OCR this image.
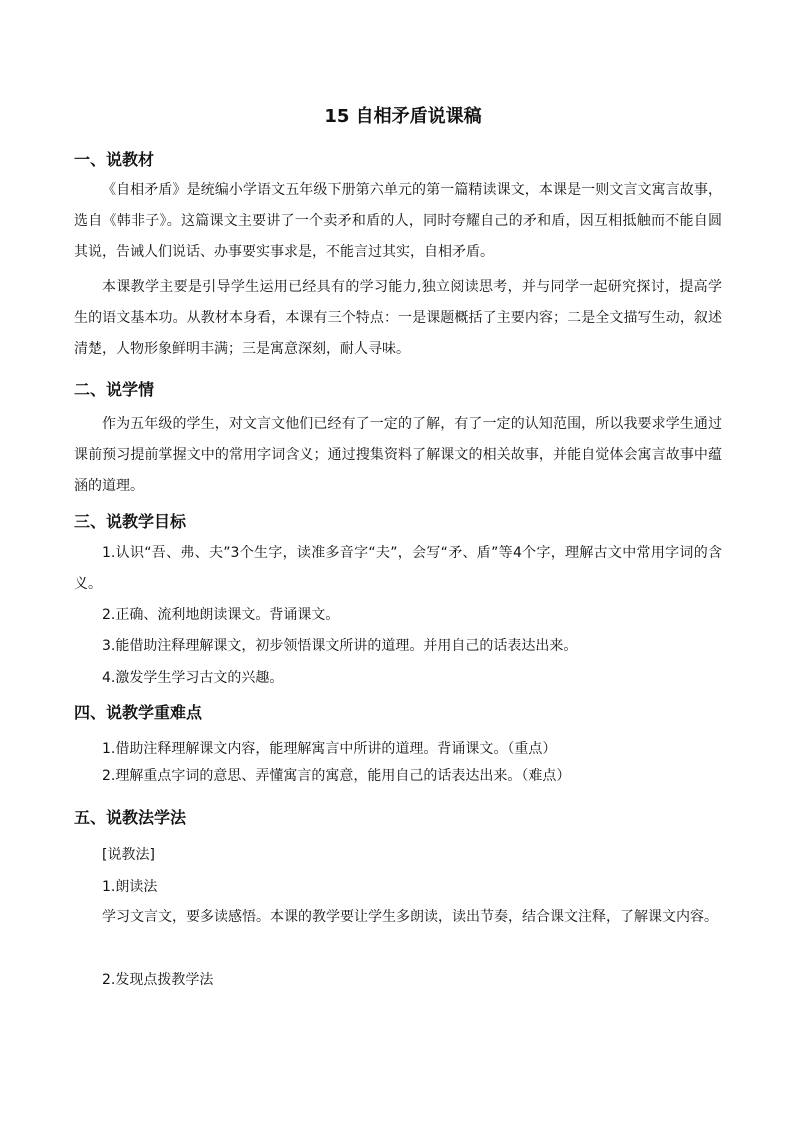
15 自相矛盾说课稿
一、说教材

《自相矛盾》是统编小学语文五年级下册第六单元的第一篇精读课文，本课是一则文言文寓言故事，选自《韩非子》。这篇课文主要讲了一个卖矛和盾的人，同时夸耀自己的矛和盾，因互相抵触而不能自圆其说，告诫人们说话、办事要实事求是，不能言过其实，自相矛盾。

本课教学主要是引导学生运用已经具有的学习能力,独立阅读思考，并与同学一起研究探讨，提高学生的语文基本功。从教材本身看，本课有三个特点：一是课题概括了主要内容；二是全文描写生动，叙述清楚，人物形象鲜明丰满；三是寓意深刻，耐人寻味。

二、说学情

作为五年级的学生，对文言文他们已经有了一定的了解，有了一定的认知范围，所以我要求学生通过课前预习提前掌握文中的常用字词含义；通过搜集资料了解课文的相关故事，并能自觉体会寓言故事中蕴涵的道理。

三、说教学目标

1.认识“吾、弗、夫”3个生字，读准多音字“夫”，会写“矛、盾”等4个字，理解古文中常用字词的含义。

2.正确、流利地朗读课文。背诵课文。
3.能借助注释理解课文，初步领悟课文所讲的道理。并用自己的话表达出来。
4.激发学生学习古文的兴趣。
四、说教学重难点
1.借助注释理解课文内容，能理解寓言中所讲的道理。背诵课文。（重点）
2.理解重点字词的意思、弄懂寓言的寓意，能用自己的话表达出来。（难点）
五、说教法学法
[说教法]
1.朗读法

学习文言文，要多读感悟。本课的教学要让学生多朗读，读出节奏，结合课文注释，了解课文内容。

2.发现点拨教学法
